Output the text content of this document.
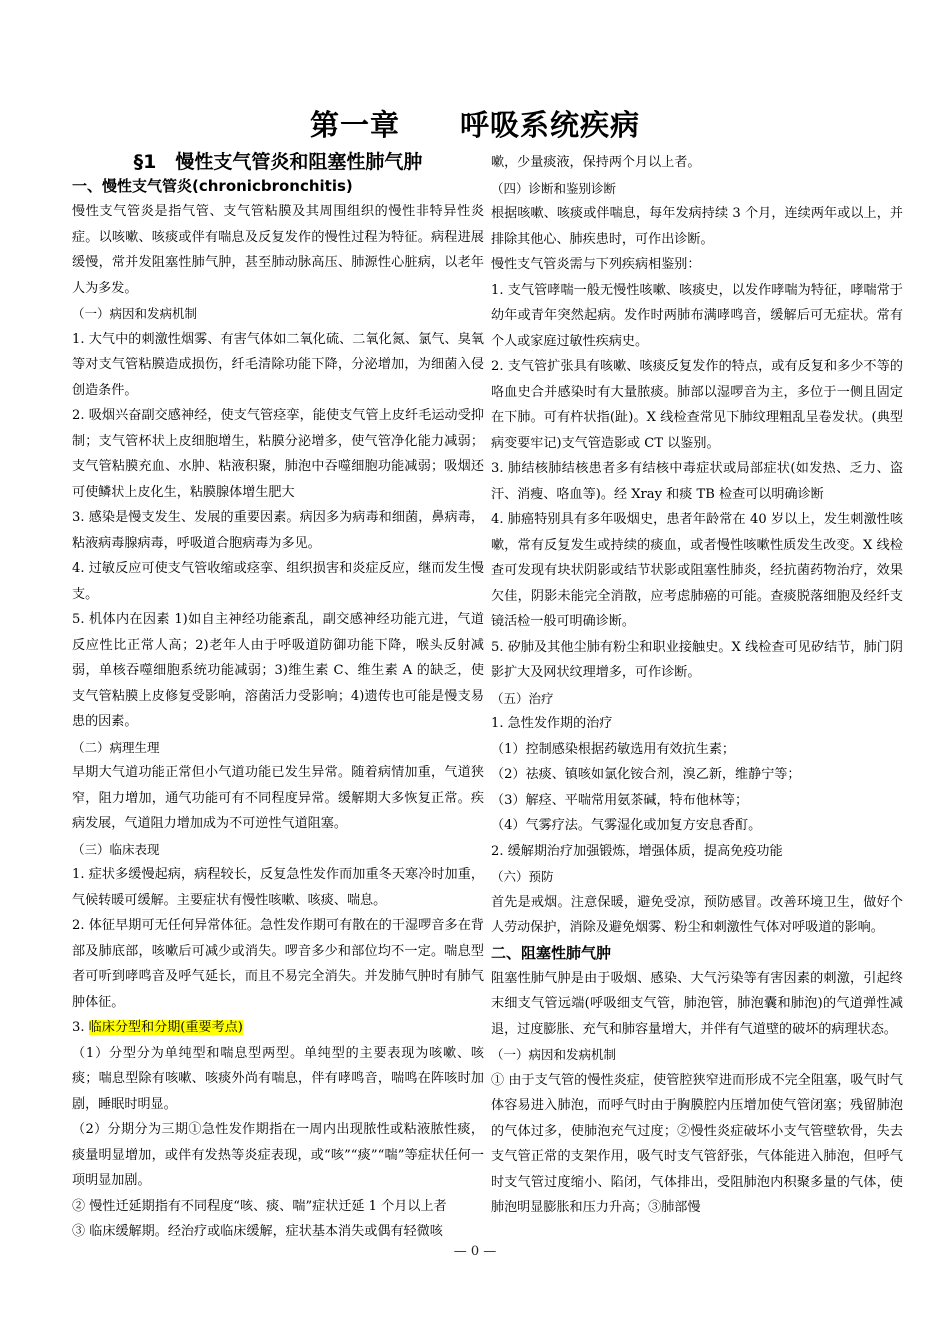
第一章　　呼吸系统疾病

§1　慢性支气管炎和阻塞性肺气肿

一、慢性支气管炎(chronicbronchitis)

慢性支气管炎是指气管、支气管粘膜及其周围组织的慢性非特异性炎症。以咳嗽、咳痰或伴有喘息及反复发作的慢性过程为特征。病程进展缓慢，常并发阻塞性肺气肿，甚至肺动脉高压、肺源性心脏病，以老年人为多发。

（一）病因和发病机制

1. 大气中的刺激性烟雾、有害气体如二氧化硫、二氧化氮、氯气、臭氧等对支气管粘膜造成损伤，纤毛清除功能下降，分泌增加，为细菌入侵创造条件。

2. 吸烟兴奋副交感神经，使支气管痉挛，能使支气管上皮纤毛运动受抑制；支气管杯状上皮细胞增生，粘膜分泌增多，使气管净化能力减弱；支气管粘膜充血、水肿、粘液积聚，肺泡中吞噬细胞功能减弱；吸烟还可使鳞状上皮化生，粘膜腺体增生肥大

3. 感染是慢支发生、发展的重要因素。病因多为病毒和细菌，鼻病毒，粘液病毒腺病毒，呼吸道合胞病毒为多见。

4. 过敏反应可使支气管收缩或痉挛、组织损害和炎症反应，继而发生慢支。

5. 机体内在因素 1)如自主神经功能紊乱，副交感神经功能亢进，气道反应性比正常人高；2)老年人由于呼吸道防御功能下降，喉头反射减弱，单核吞噬细胞系统功能减弱；3)维生素 C、维生素 A 的缺乏，使支气管粘膜上皮修复受影响，溶菌活力受影响；4)遗传也可能是慢支易患的因素。

（二）病理生理

早期大气道功能正常但小气道功能已发生异常。随着病情加重，气道狭窄，阻力增加，通气功能可有不同程度异常。缓解期大多恢复正常。疾病发展，气道阻力增加成为不可逆性气道阻塞。

（三）临床表现

1. 症状多缓慢起病，病程较长，反复急性发作而加重冬天寒冷时加重，气候转暖可缓解。主要症状有慢性咳嗽、咳痰、喘息。

2. 体征早期可无任何异常体征。急性发作期可有散在的干湿啰音多在背部及肺底部，咳嗽后可减少或消失。啰音多少和部位均不一定。喘息型者可听到哮鸣音及呼气延长，而且不易完全消失。并发肺气肿时有肺气肿体征。

3. 临床分型和分期(重要考点)

（1）分型分为单纯型和喘息型两型。单纯型的主要表现为咳嗽、咳痰；喘息型除有咳嗽、咳痰外尚有喘息，伴有哮鸣音，喘鸣在阵咳时加剧，睡眠时明显。

（2）分期分为三期①急性发作期指在一周内出现脓性或粘液脓性痰，痰量明显增加，或伴有发热等炎症表现，或“咳”“痰”“喘”等症状任何一项明显加剧。

② 慢性迁延期指有不同程度“咳、痰、喘”症状迁延 1 个月以上者

③ 临床缓解期。经治疗或临床缓解，症状基本消失或偶有轻微咳

嗽，少量痰液，保持两个月以上者。

（四）诊断和鉴别诊断

根据咳嗽、咳痰或伴喘息，每年发病持续 3 个月，连续两年或以上，并排除其他心、肺疾患时，可作出诊断。

慢性支气管炎需与下列疾病相鉴别：

1. 支气管哮喘一般无慢性咳嗽、咳痰史，以发作哮喘为特征，哮喘常于幼年或青年突然起病。发作时两肺布满哮鸣音，缓解后可无症状。常有个人或家庭过敏性疾病史。

2. 支气管扩张具有咳嗽、咳痰反复发作的特点，或有反复和多少不等的咯血史合并感染时有大量脓痰。肺部以湿啰音为主，多位于一侧且固定在下肺。可有杵状指(趾)。X 线检查常见下肺纹理粗乱呈卷发状。(典型病变要牢记)支气管造影或 CT 以鉴别。

3. 肺结核肺结核患者多有结核中毒症状或局部症状(如发热、乏力、盗汗、消瘦、咯血等)。经 Xray 和痰 TB 检查可以明确诊断

4. 肺癌特别具有多年吸烟史，患者年龄常在 40 岁以上，发生刺激性咳嗽，常有反复发生或持续的痰血，或者慢性咳嗽性质发生改变。X 线检查可发现有块状阴影或结节状影或阻塞性肺炎，经抗菌药物治疗，效果欠佳，阴影未能完全消散，应考虑肺癌的可能。查痰脱落细胞及经纤支镜活检一般可明确诊断。

5. 矽肺及其他尘肺有粉尘和职业接触史。X 线检查可见矽结节，肺门阴影扩大及网状纹理增多，可作诊断。

（五）治疗

1. 急性发作期的治疗

（1）控制感染根据药敏选用有效抗生素；

（2）祛痰、镇咳如氯化铵合剂，溴乙新，维静宁等；

（3）解痉、平喘常用氨茶碱，特布他林等；

（4）气雾疗法。气雾湿化或加复方安息香酊。

2. 缓解期治疗加强锻炼，增强体质，提高免疫功能

（六）预防

首先是戒烟。注意保暖，避免受凉，预防感冒。改善环境卫生，做好个人劳动保护，消除及避免烟雾、粉尘和刺激性气体对呼吸道的影响。

二、阻塞性肺气肿

阻塞性肺气肿是由于吸烟、感染、大气污染等有害因素的刺激，引起终末细支气管远端(呼吸细支气管，肺泡管，肺泡囊和肺泡)的气道弹性减退，过度膨胀、充气和肺容量增大，并伴有气道壁的破坏的病理状态。

（一）病因和发病机制

① 由于支气管的慢性炎症，使管腔狭窄进而形成不完全阻塞，吸气时气体容易进入肺泡，而呼气时由于胸膜腔内压增加使气管闭塞；残留肺泡的气体过多，使肺泡充气过度；②慢性炎症破坏小支气管壁软骨，失去支气管正常的支架作用，吸气时支气管舒张，气体能进入肺泡，但呼气时支气管过度缩小、陷闭，气体排出，受阻肺泡内积聚多量的气体，使肺泡明显膨胀和压力升高；③肺部慢

— 0 —
